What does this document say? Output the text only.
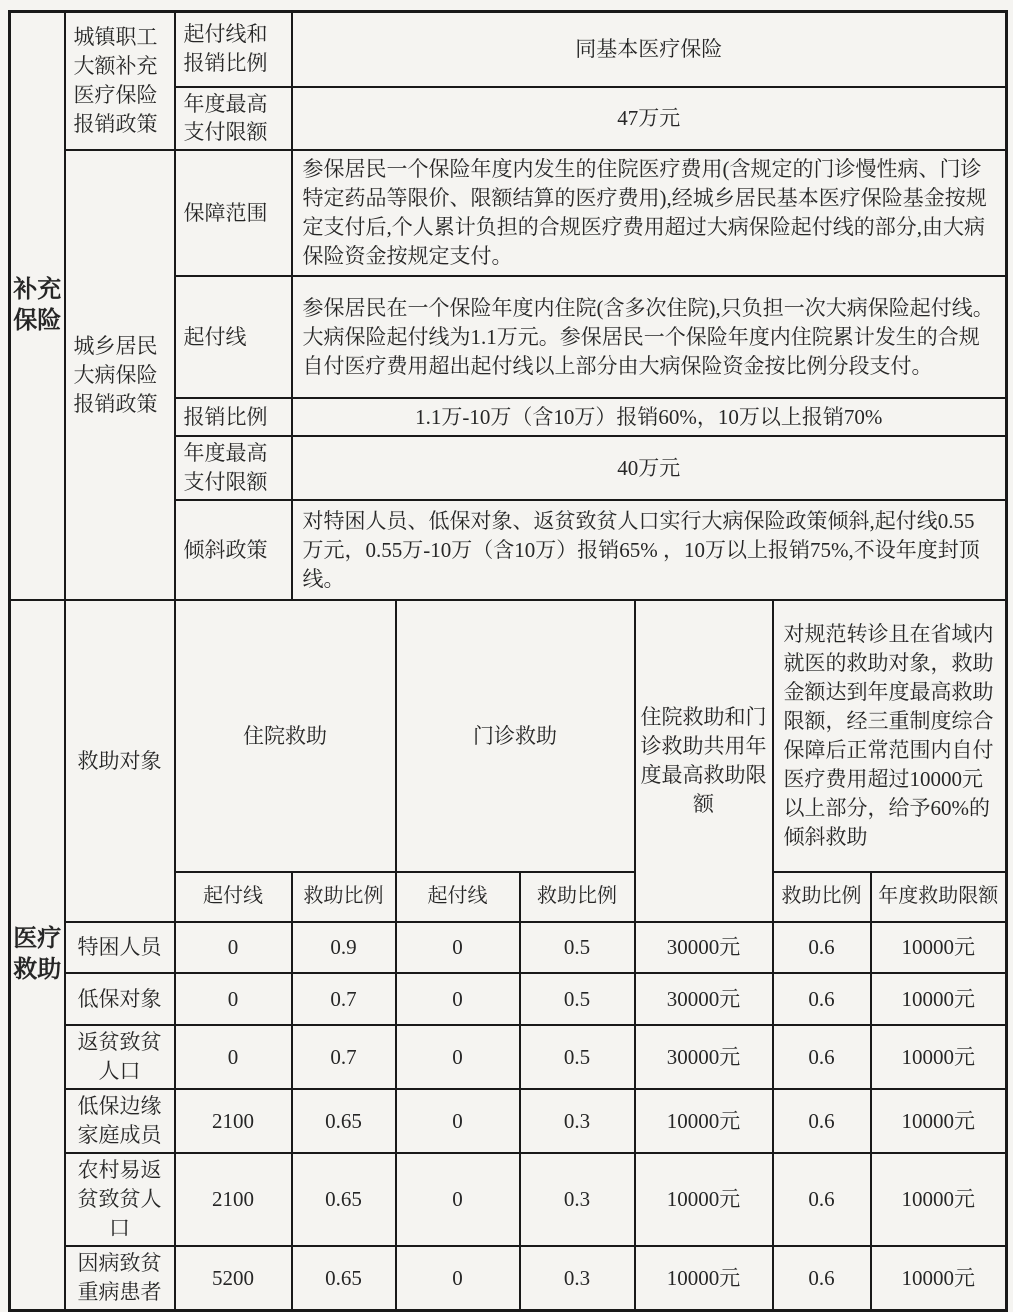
补充保险	城镇职工大额补充医疗保险报销政策	起付线和报销比例	同基本医疗保险					
		年度最高支付限额	47万元					
	城乡居民大病保险报销政策	保障范围	参保居民一个保险年度内发生的住院医疗费用(含规定的门诊慢性病、门诊特定药品等限价、限额结算的医疗费用),经城乡居民基本医疗保险基金按规定支付后,个人累计负担的合规医疗费用超过大病保险起付线的部分,由大病保险资金按规定支付。					
		起付线	参保居民在一个保险年度内住院(含多次住院),只负担一次大病保险起付线。大病保险起付线为1.1万元。参保居民一个保险年度内住院累计发生的合规自付医疗费用超出起付线以上部分由大病保险资金按比例分段支付。					
		报销比例	1.1万-10万（含10万）报销60%，10万以上报销70%					
		年度最高支付限额	40万元					
		倾斜政策	对特困人员、低保对象、返贫致贫人口实行大病保险政策倾斜,起付线0.55万元，0.55万-10万（含10万）报销65% ，10万以上报销75%,不设年度封顶线。					
医疗救助	救助对象	住院救助		门诊救助		住院救助和门诊救助共用年度最高救助限额	对规范转诊且在省域内就医的救助对象，救助金额达到年度最高救助限额，经三重制度综合保障后正常范围内自付医疗费用超过10000元以上部分，给予60%的倾斜救助	
		起付线	救助比例	起付线	救助比例		救助比例	年度救助限额
	特困人员	0	0.9	0	0.5	30000元	0.6	10000元
	低保对象	0	0.7	0	0.5	30000元	0.6	10000元
	返贫致贫人口	0	0.7	0	0.5	30000元	0.6	10000元
	低保边缘家庭成员	2100	0.65	0	0.3	10000元	0.6	10000元
	农村易返贫致贫人口	2100	0.65	0	0.3	10000元	0.6	10000元
	因病致贫重病患者	5200	0.65	0	0.3	10000元	0.6	10000元
